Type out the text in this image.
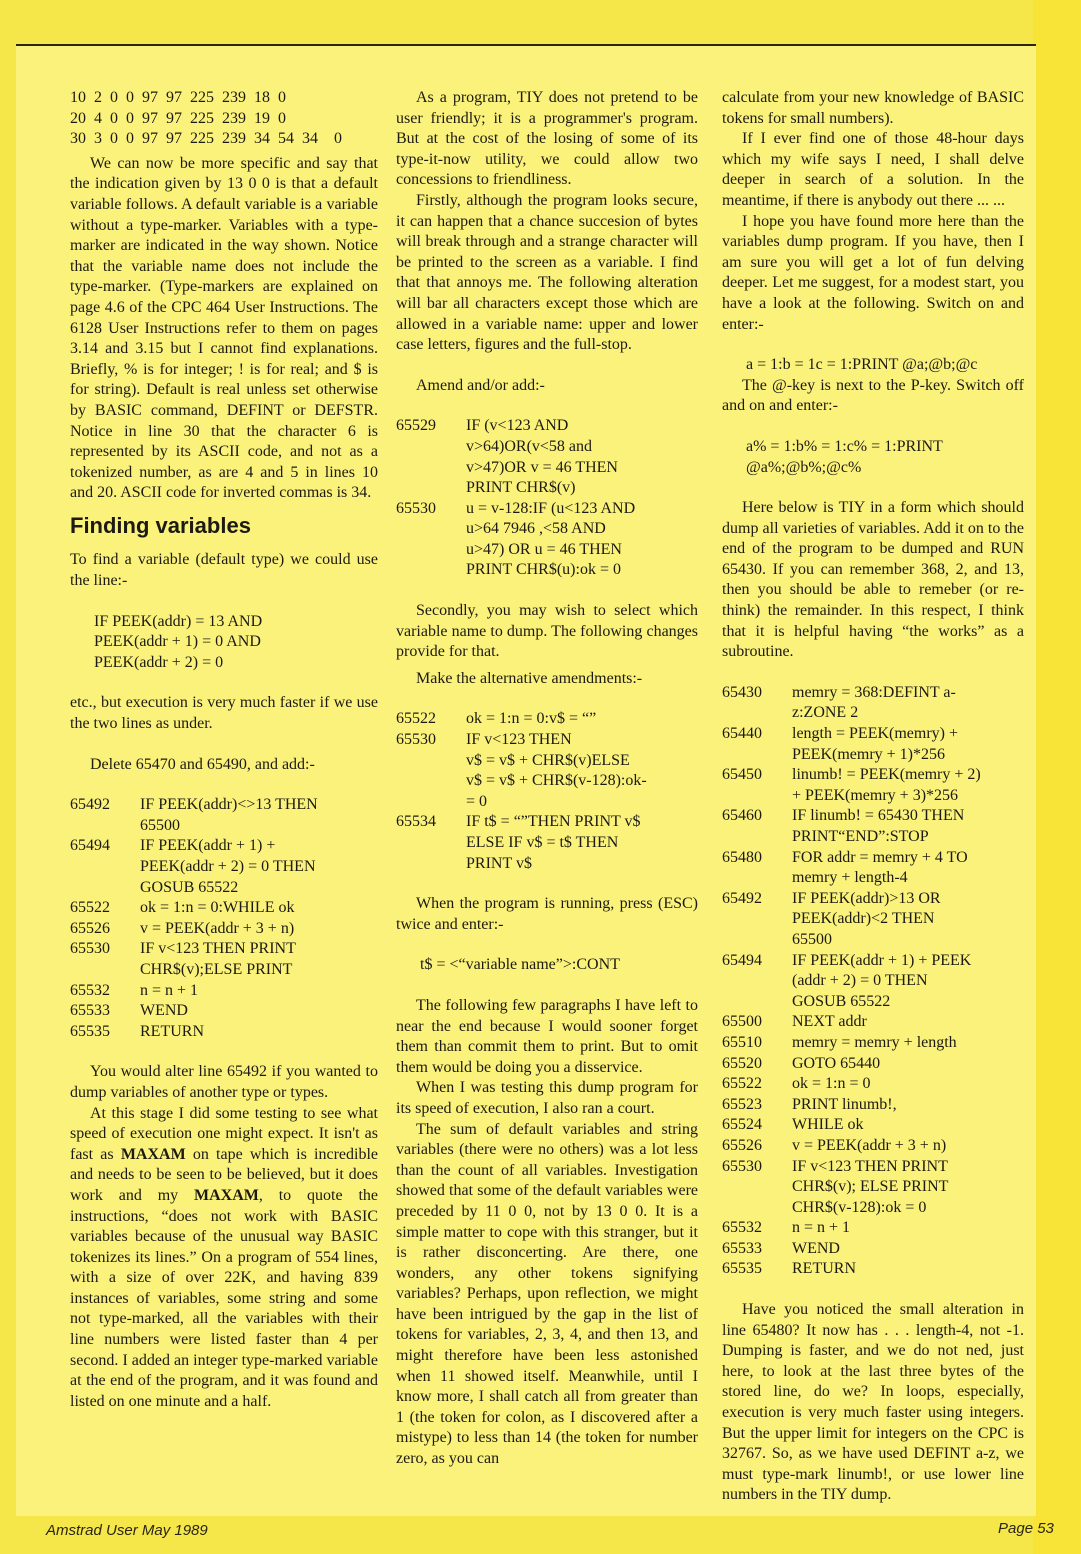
10  2  0  0  97  97  225  239  18  0
20  4  0  0  97  97  225  239  19  0
30  3  0  0  97  97  225  239  34  54  34    0

We can now be more specific and say that the indication given by 13 0 0 is that a default variable follows. A default variable is a variable without a type-marker. Variables with a type-marker are indicated in the way shown. Notice that the variable name does not include the type-marker. (Type-markers are explained on page 4.6 of the CPC 464 User Instructions. The 6128 User Instructions refer to them on pages 3.14 and 3.15 but I cannot find explanations. Briefly, % is for integer; ! is for real; and $ is for string). Default is real unless set otherwise by BASIC command, DEFINT or DEFSTR. Notice in line 30 that the character 6 is represented by its ASCII code, and not as a tokenized number, as are 4 and 5 in lines 10 and 20. ASCII code for inverted commas is 34.

Finding variables

To find a variable (default type) we could use the line:-

IF PEEK(addr) = 13 AND
PEEK(addr + 1) = 0 AND
PEEK(addr + 2) = 0

etc., but execution is very much faster if we use the two lines as under.

Delete 65470 and 65490, and add:-

65492	IF PEEK(addr)<>13 THEN
65500
65494	IF PEEK(addr + 1) +
PEEK(addr + 2) = 0 THEN
GOSUB 65522
65522	ok = 1:n = 0:WHILE ok
65526	v = PEEK(addr + 3 + n)
65530	IF v<123 THEN PRINT
CHR$(v);ELSE PRINT
65532	n = n + 1
65533	WEND
65535	RETURN

You would alter line 65492 if you wanted to dump variables of another type or types.

At this stage I did some testing to see what speed of execution one might expect. It isn't as fast as MAXAM on tape which is incredible and needs to be seen to be believed, but it does work and my MAXAM, to quote the instructions, “does not work with BASIC variables because of the unusual way BASIC tokenizes its lines.” On a program of 554 lines, with a size of over 22K, and having 839 instances of variables, some string and some not type-marked, all the variables with their line numbers were listed faster than 4 per second. I added an integer type-marked variable at the end of the program, and it was found and listed on one minute and a half.

As a program, TIY does not pretend to be user friendly; it is a programmer's program. But at the cost of the losing of some of its type-it-now utility, we could allow two concessions to friendliness.

Firstly, although the program looks secure, it can happen that a chance succesion of bytes will break through and a strange character will be printed to the screen as a variable. I find that that annoys me. The following alteration will bar all characters except those which are allowed in a variable name: upper and lower case letters, figures and the full-stop.

Amend and/or add:-

65529	IF (v<123 AND
v>64)OR(v<58 and
v>47)OR v = 46 THEN
PRINT CHR$(v)
65530	u = v-128:IF (u<123 AND
u>64 7946 ,<58 AND
u>47) OR u = 46 THEN
PRINT CHR$(u):ok = 0

Secondly, you may wish to select which variable name to dump. The following changes provide for that.

Make the alternative amendments:-

65522	ok = 1:n = 0:v$ = “”
65530	IF v<123 THEN
v$ = v$ + CHR$(v)ELSE
v$ = v$ + CHR$(v-128):ok-
= 0
65534	IF t$ = “”THEN PRINT v$
ELSE IF v$ = t$ THEN
PRINT v$

When the program is running, press (ESC) twice and enter:-

t$ = <“variable name”>:CONT

The following few paragraphs I have left to near the end because I would sooner forget them than commit them to print. But to omit them would be doing you a disservice.

When I was testing this dump program for its speed of execution, I also ran a court.

The sum of default variables and string variables (there were no others) was a lot less than the count of all variables. Investigation showed that some of the default variables were preceded by 11 0 0, not by 13 0 0. It is a simple matter to cope with this stranger, but it is rather disconcerting. Are there, one wonders, any other tokens signifying variables? Perhaps, upon reflection, we might have been intrigued by the gap in the list of tokens for variables, 2, 3, 4, and then 13, and might therefore have been less astonished when 11 showed itself. Meanwhile, until I know more, I shall catch all from greater than 1 (the token for colon, as I discovered after a mistype) to less than 14 (the token for number zero, as you can

calculate from your new knowledge of BASIC tokens for small numbers).

If I ever find one of those 48-hour days which my wife says I need, I shall delve deeper in search of a solution. In the meantime, if there is anybody out there ... ...

I hope you have found more here than the variables dump program. If you have, then I am sure you will get a lot of fun delving deeper. Let me suggest, for a modest start, you have a look at the following. Switch on and enter:-

a = 1:b = 1c = 1:PRINT @a;@b;@c

The @-key is next to the P-key. Switch off and on and enter:-

a% = 1:b% = 1:c% = 1:PRINT
@a%;@b%;@c%

Here below is TIY in a form which should dump all varieties of variables. Add it on to the end of the program to be dumped and RUN 65430. If you can remember 368, 2, and 13, then you should be able to remeber (or re-think) the remainder. In this respect, I think that it is helpful having “the works” as a subroutine.

65430	memry = 368:DEFINT a-
z:ZONE 2
65440	length = PEEK(memry) +
PEEK(memry + 1)*256
65450	linumb! = PEEK(memry + 2)
+ PEEK(memry + 3)*256
65460	IF linumb! = 65430 THEN
PRINT“END”:STOP
65480	FOR addr = memry + 4 TO
memry + length-4
65492	IF PEEK(addr)>13 OR
PEEK(addr)<2 THEN
65500
65494	IF PEEK(addr + 1) + PEEK
(addr + 2) = 0 THEN
GOSUB 65522
65500	NEXT addr
65510	memry = memry + length
65520	GOTO 65440
65522	ok = 1:n = 0
65523	PRINT linumb!,
65524	WHILE ok
65526	v = PEEK(addr + 3 + n)
65530	IF v<123 THEN PRINT
CHR$(v); ELSE PRINT
CHR$(v-128):ok = 0
65532	n = n + 1
65533	WEND
65535	RETURN

Have you noticed the small alteration in line 65480? It now has . . . length-4, not -1. Dumping is faster, and we do not ned, just here, to look at the last three bytes of the stored line, do we? In loops, especially, execution is very much faster using integers. But the upper limit for integers on the CPC is 32767. So, as we have used DEFINT a-z, we must type-mark linumb!, or use lower line numbers in the TIY dump.

Amstrad User May 1989	Page 53
